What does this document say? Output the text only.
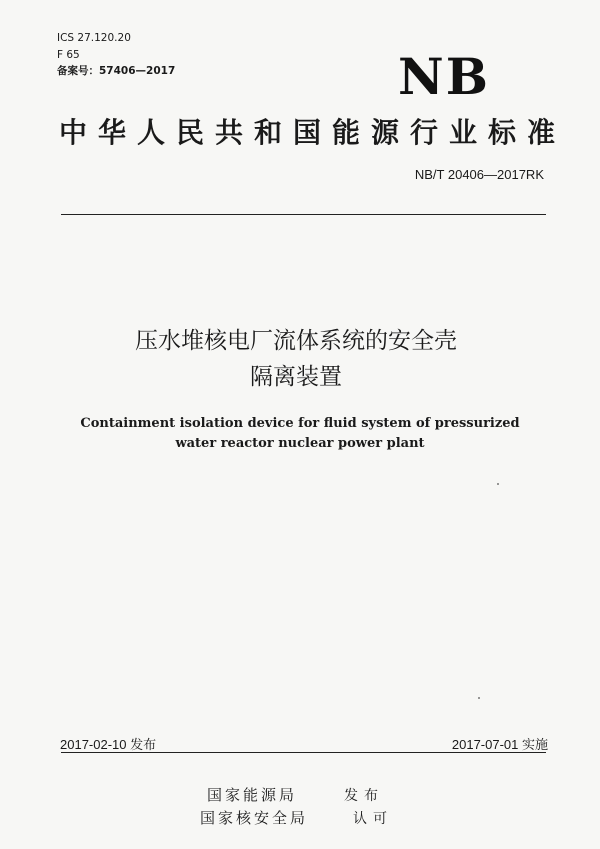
ICS 27.120.20
F 65
备案号：57406—2017	NB
中华人民共和国能源行业标准
NB/T 20406—2017RK
压水堆核电厂流体系统的安全壳
隔离装置
Containment isolation device for fluid system of pressurized
water reactor nuclear power plant
2017-02-10 发布	2017-07-01 实施
国家能源局	发布
国家核安全局	认可
